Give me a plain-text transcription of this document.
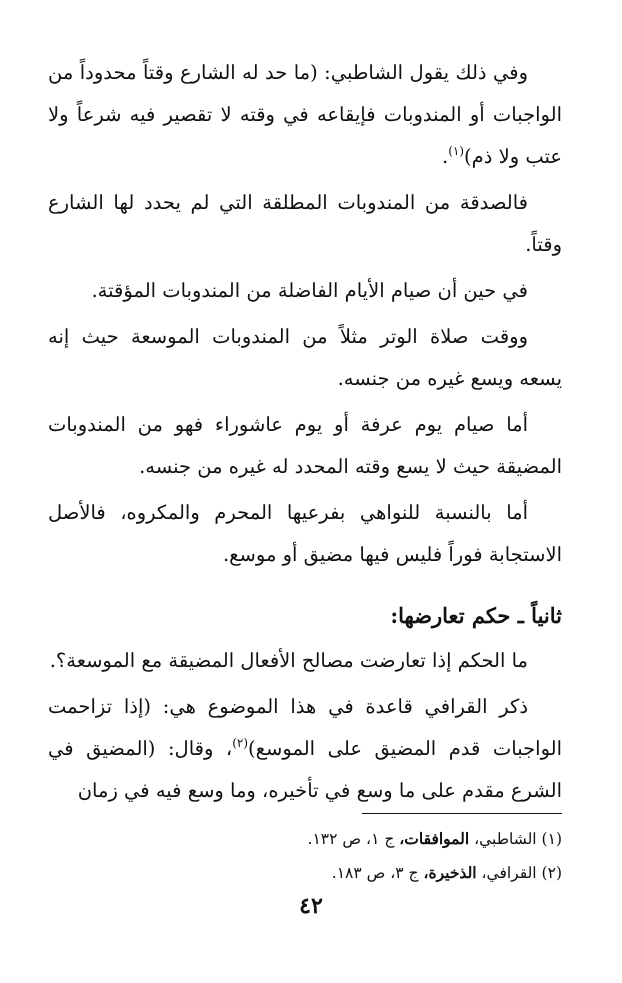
وفي ذلك يقول الشاطبي: (ما حد له الشارع وقتاً محدوداً من الواجبات أو المندوبات فإيقاعه في وقته لا تقصير فيه شرعاً ولا عتب ولا ذم)$^{(١)}$.

فالصدقة من المندوبات المطلقة التي لم يحدد لها الشارع وقتاً.

في حين أن صيام الأيام الفاضلة من المندوبات المؤقتة.

ووقت صلاة الوتر مثلاً من المندوبات الموسعة حيث إنه يسعه ويسع غيره من جنسه.

أما صيام يوم عرفة أو يوم عاشوراء فهو من المندوبات المضيقة حيث لا يسع وقته المحدد له غيره من جنسه.

أما بالنسبة للنواهي بفرعيها المحرم والمكروه، فالأصل الاستجابة فوراً فليس فيها مضيق أو موسع.

ثانياً ـ حكم تعارضها:

ما الحكم إذا تعارضت مصالح الأفعال المضيقة مع الموسعة؟.

ذكر القرافي قاعدة في هذا الموضوع هي: (إذا تزاحمت الواجبات قدم المضيق على الموسع)$^{(٢)}$، وقال: (المضيق في الشرع مقدم على ما وسع في تأخيره، وما وسع فيه في زمان

(١) الشاطبي، الموافقات، ج ١، ص ١٣٢.

(٢) القرافي، الذخيرة، ج ٣، ص ١٨٣.

٤٢
